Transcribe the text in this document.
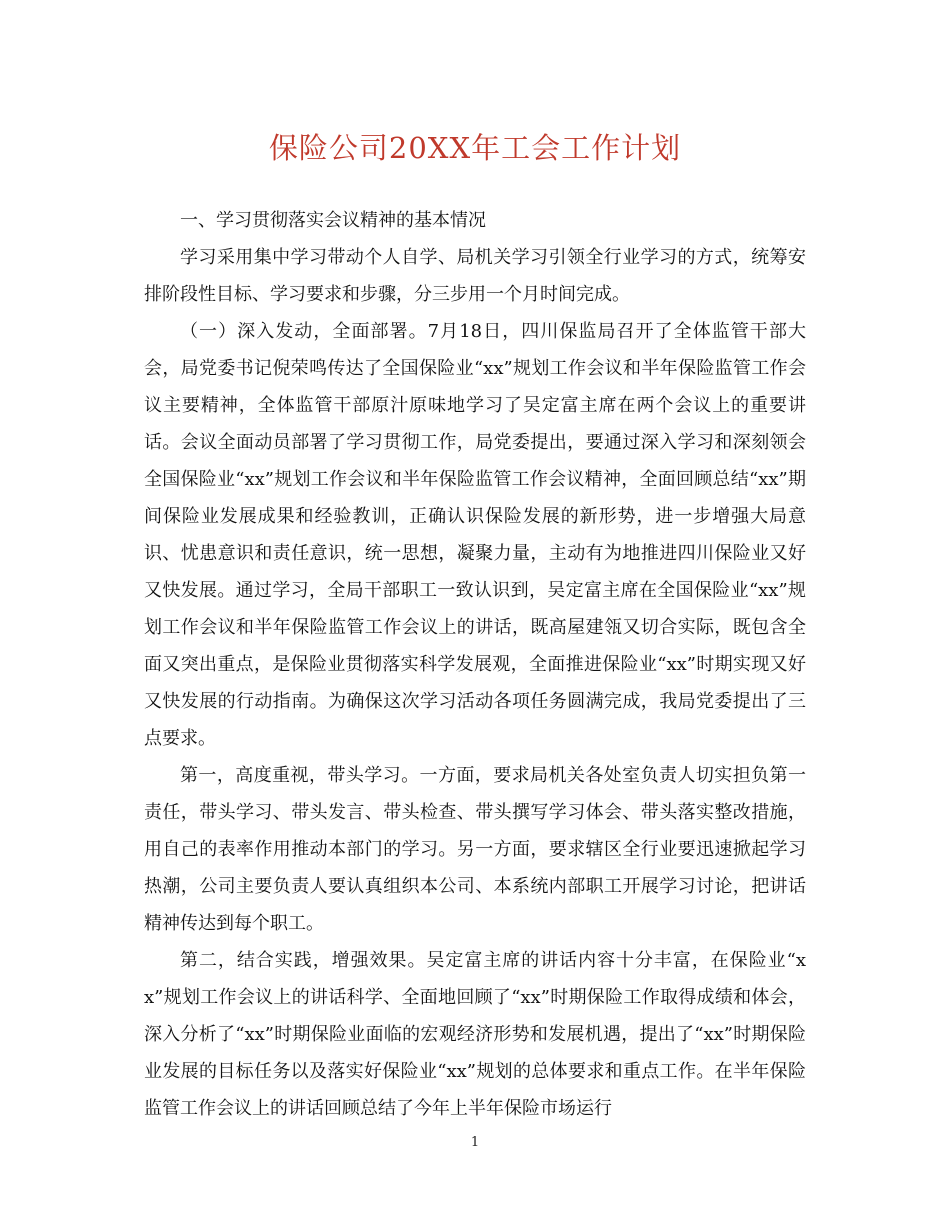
保险公司20XX年工会工作计划

一、学习贯彻落实会议精神的基本情况

学习采用集中学习带动个人自学、局机关学习引领全行业学习的方式，统筹安排阶段性目标、学习要求和步骤，分三步用一个月时间完成。

（一）深入发动，全面部署。7月18日，四川保监局召开了全体监管干部大会，局党委书记倪荣鸣传达了全国保险业“xx”规划工作会议和半年保险监管工作会议主要精神，全体监管干部原汁原味地学习了吴定富主席在两个会议上的重要讲话。会议全面动员部署了学习贯彻工作，局党委提出，要通过深入学习和深刻领会全国保险业“xx”规划工作会议和半年保险监管工作会议精神，全面回顾总结“xx”期间保险业发展成果和经验教训，正确认识保险发展的新形势，进一步增强大局意识、忧患意识和责任意识，统一思想，凝聚力量，主动有为地推进四川保险业又好又快发展。通过学习，全局干部职工一致认识到，吴定富主席在全国保险业“xx”规划工作会议和半年保险监管工作会议上的讲话，既高屋建瓴又切合实际，既包含全面又突出重点，是保险业贯彻落实科学发展观，全面推进保险业“xx”时期实现又好又快发展的行动指南。为确保这次学习活动各项任务圆满完成，我局党委提出了三点要求。

第一，高度重视，带头学习。一方面，要求局机关各处室负责人切实担负第一责任，带头学习、带头发言、带头检查、带头撰写学习体会、带头落实整改措施，用自己的表率作用推动本部门的学习。另一方面，要求辖区全行业要迅速掀起学习热潮，公司主要负责人要认真组织本公司、本系统内部职工开展学习讨论，把讲话精神传达到每个职工。

第二，结合实践，增强效果。吴定富主席的讲话内容十分丰富，在保险业“xx”规划工作会议上的讲话科学、全面地回顾了“xx”时期保险工作取得成绩和体会，深入分析了“xx”时期保险业面临的宏观经济形势和发展机遇，提出了“xx”时期保险业发展的目标任务以及落实好保险业“xx”规划的总体要求和重点工作。在半年保险监管工作会议上的讲话回顾总结了今年上半年保险市场运行

1
